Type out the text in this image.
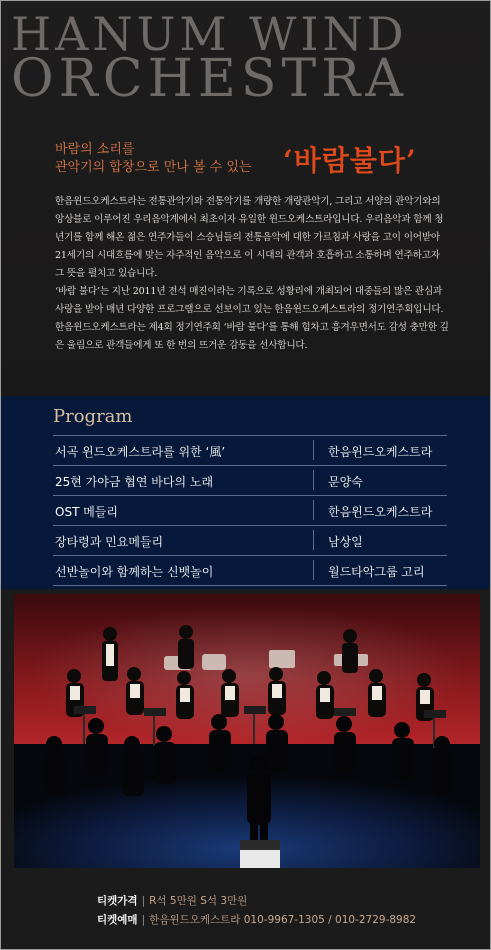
HANUM WIND
ORCHESTRA
바람의 소리를
관악기의 합창으로 만나 볼 수 있는 ‘바람불다’

한음윈드오케스트라는 전통관악기와 전통악기를 개량한 개량관악기, 그리고 서양의 관악기와의 앙상블로 이루어진 우리음악계에서 최초이자 유일한 윈드오케스트라입니다. 우리음악과 함께 청년기를 함께 해온 젊은 연주가들이 스승님들의 전통음악에 대한 가르침과 사랑을 고이 이어받아 21세기의 시대흐름에 맞는 자주적인 음악으로 이 시대의 관객과 호흡하고 소통하며 연주하고자 그 뜻을 펼치고 있습니다.

‘바람 불다’는 지난 2011년 전석 매진이라는 기록으로 성황리에 개최되어 대중들의 많은 관심과 사랑을 받아 매년 다양한 프로그램으로 선보이고 있는 한음윈드오케스트라의 정기연주회입니다.

한음윈드오케스트라는 제4회 정기연주회 ‘바람 불다’를 통해 힘차고 흥겨우면서도 감성 충만한 깊은 울림으로 관객들에게 또 한 번의 뜨거운 감동을 선사합니다.

Program
서곡 윈드오케스트라를 위한 ‘風’	한음윈드오케스트라
25현 가야금 협연 바다의 노래	문양숙
OST 메들리	한음윈드오케스트라
장타령과 민요메들리	남상일
선반놀이와 함께하는 신뱃놀이	월드타악그룹 고리
티켓가격 | R석 5만원 S석 3만원
티켓예매 | 한음윈드오케스트라 010-9967-1305 / 010-2729-8982
